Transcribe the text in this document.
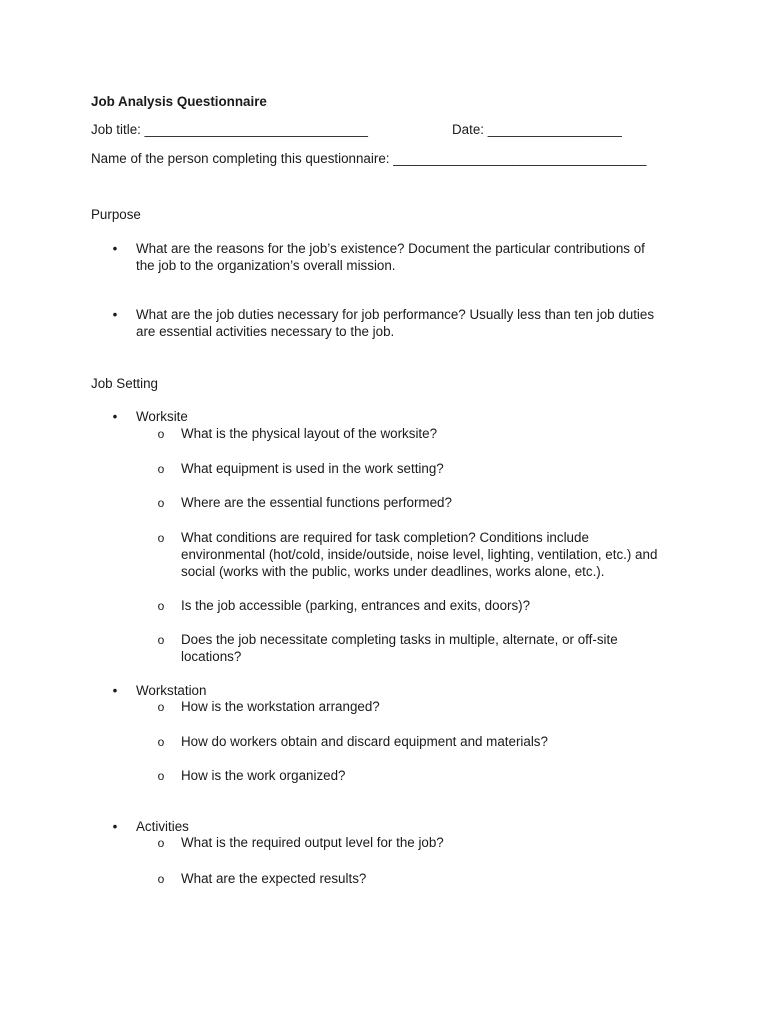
Job Analysis Questionnaire
Job title: ______________________________	Date: __________________
Name of the person completing this questionnaire: __________________________________
Purpose
• What are the reasons for the job’s existence? Document the particular contributions of
the job to the organization’s overall mission.
• What are the job duties necessary for job performance? Usually less than ten job duties
are essential activities necessary to the job.
Job Setting
• Worksite
o What is the physical layout of the worksite?
o What equipment is used in the work setting?
o Where are the essential functions performed?
o What conditions are required for task completion? Conditions include
environmental (hot/cold, inside/outside, noise level, lighting, ventilation, etc.) and
social (works with the public, works under deadlines, works alone, etc.).
o Is the job accessible (parking, entrances and exits, doors)?
o Does the job necessitate completing tasks in multiple, alternate, or off-site
locations?
• Workstation
o How is the workstation arranged?
o How do workers obtain and discard equipment and materials?
o How is the work organized?
• Activities
o What is the required output level for the job?
o What are the expected results?
